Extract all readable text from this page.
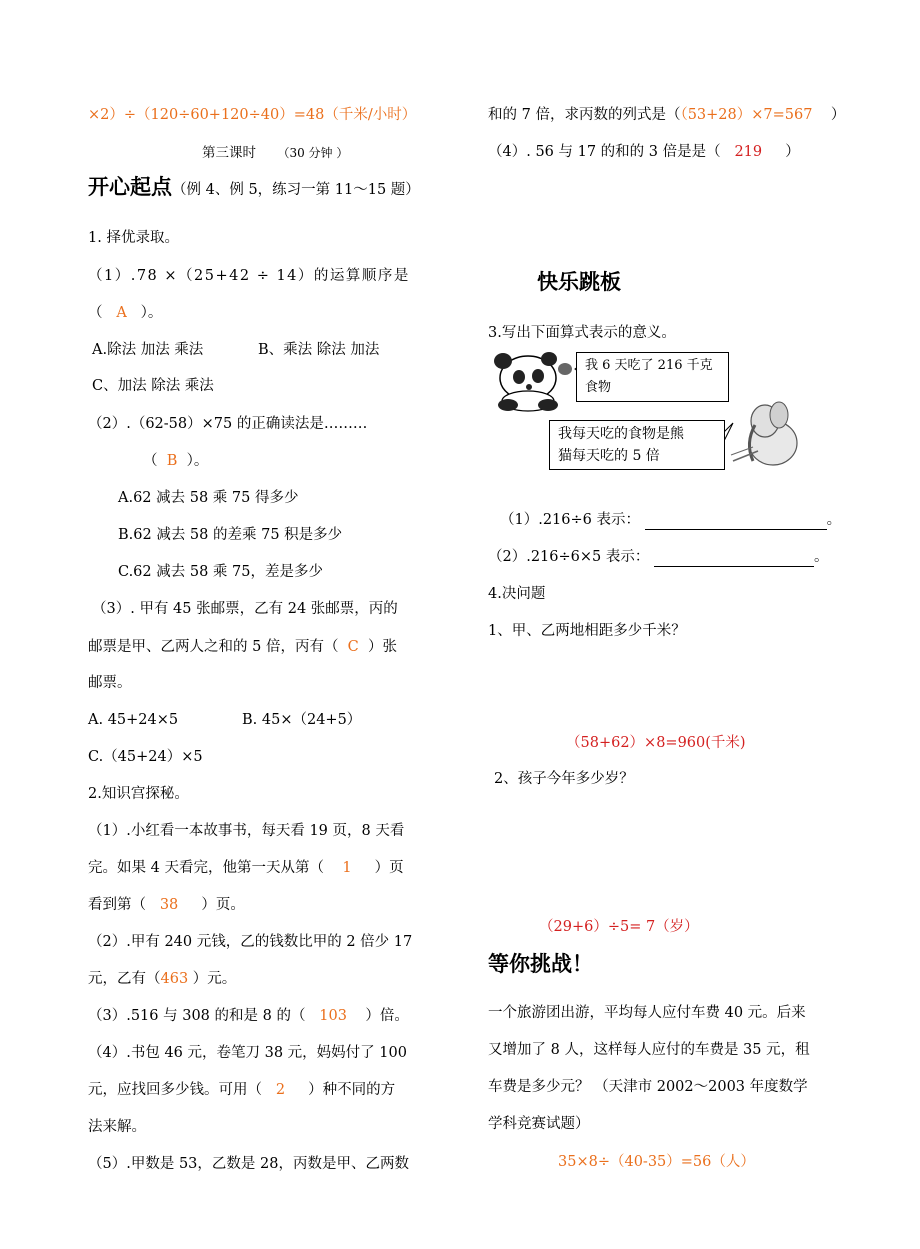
×2）÷（120÷60+120÷40）=48（千米/小时）
第三课时 （30 分钟 ）
开心起点（例 4、例 5，练习一第 11～15 题）
1. 择优录取。
（1）.78 ×（25+42 ÷ 14）的运算顺序是
（ A ）。
A.除法 加法 乘法	B、乘法 除法 加法
C、加法 除法 乘法
（2）.（62-58）×75 的正确读法是………
（ B ）。
A.62 减去 58 乘 75 得多少
B.62 减去 58 的差乘 75 积是多少
C.62 减去 58 乘 75，差是多少
（3）. 甲有 45 张邮票，乙有 24 张邮票，丙的
邮票是甲、乙两人之和的 5 倍，丙有（ C ）张
邮票。
A. 45+24×5	B. 45×（24+5）
C.（45+24）×5
2.知识宫探秘。
（1）.小红看一本故事书，每天看 19 页，8 天看
完。如果 4 天看完，他第一天从第（ 1 ）页
看到第（ 38 ）页。
（2）.甲有 240 元钱，乙的钱数比甲的 2 倍少 17
元，乙有（463 ）元。
（3）.516 与 308 的和是 8 的（ 103 ）倍。
（4）.书包 46 元，卷笔刀 38 元，妈妈付了 100
元，应找回多少钱。可用（ 2 ）种不同的方
法来解。
（5）.甲数是 53，乙数是 28，丙数是甲、乙两数
和的 7 倍，求丙数的列式是（（53+28）×7=567 ）
（4）. 56 与 17 的和的 3 倍是是（ 219 ）
快乐跳板
3.写出下面算式表示的意义。
我 6 天吃了 216 千克食物
我每天吃的食物是熊
猫每天吃的 5 倍
（1）.216÷6 表示：	。
（2）.216÷6×5 表示：	。
4.决问题
1、甲、乙两地相距多少千米？
（58+62）×8=960(千米)
2、孩子今年多少岁？
（29+6）÷5= 7（岁）
等你挑战！
一个旅游团出游，平均每人应付车费 40 元。后来
又增加了 8 人，这样每人应付的车费是 35 元，租
车费是多少元？ （天津市 2002～2003 年度数学
学科竞赛试题）
35×8÷（40-35）=56（人）
